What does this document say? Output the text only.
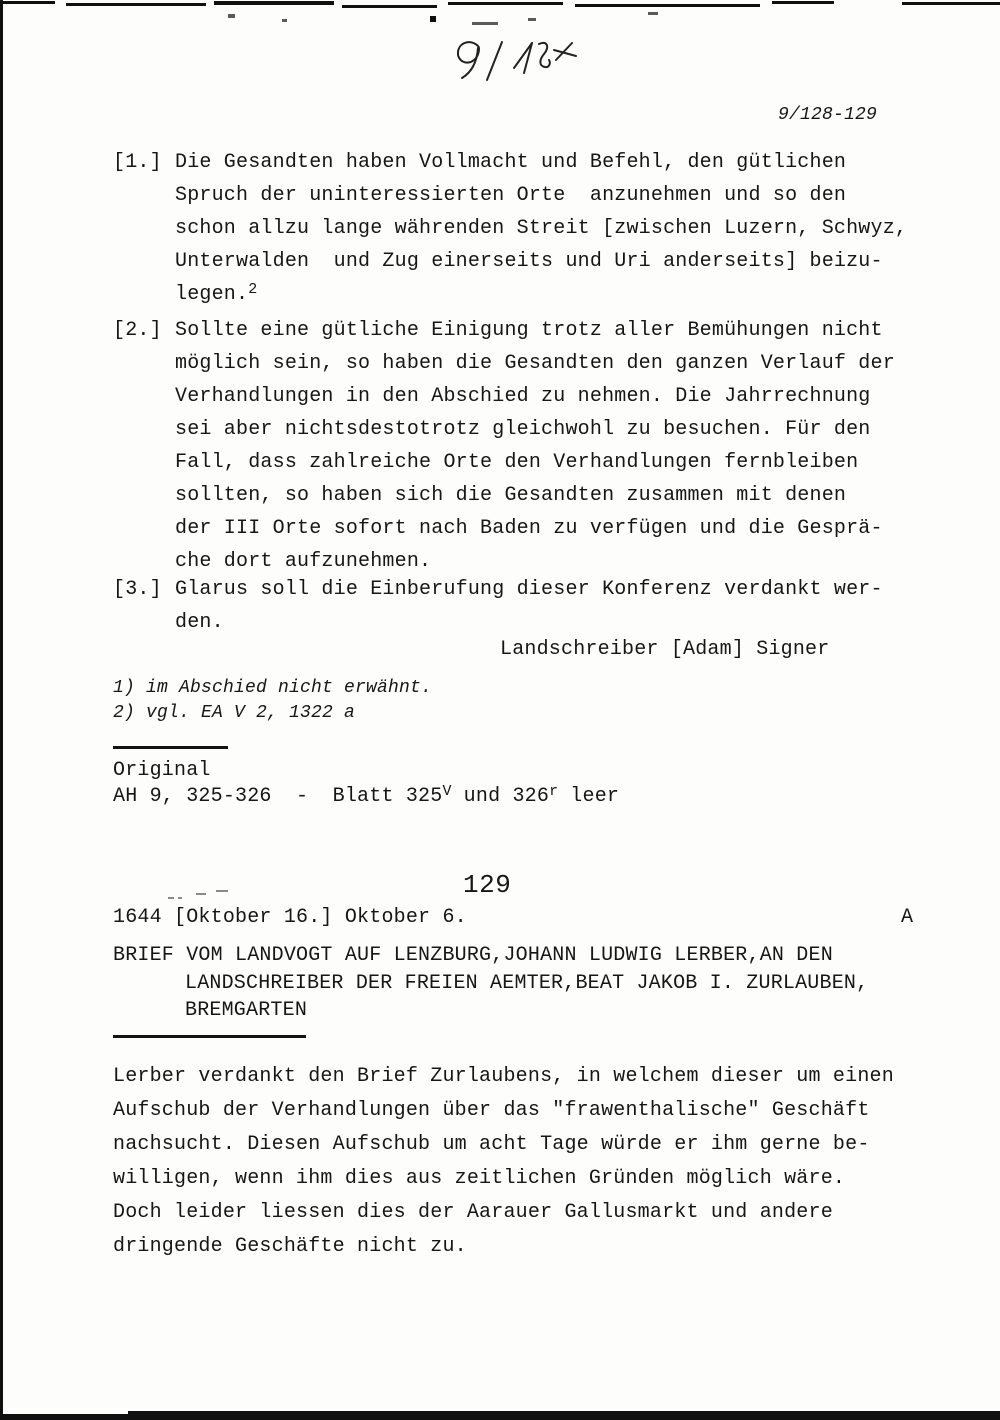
9/128-129
[1.] Die Gesandten haben Vollmacht und Befehl, den gütlichen
Spruch der uninteressierten Orte  anzunehmen und so den
schon allzu lange währenden Streit [zwischen Luzern, Schwyz,
Unterwalden  und Zug einerseits und Uri anderseits] beizu-
legen.$^2$
[2.] Sollte eine gütliche Einigung trotz aller Bemühungen nicht
möglich sein, so haben die Gesandten den ganzen Verlauf der
Verhandlungen in den Abschied zu nehmen. Die Jahrrechnung
sei aber nichtsdestotrotz gleichwohl zu besuchen. Für den
Fall, dass zahlreiche Orte den Verhandlungen fernbleiben
sollten, so haben sich die Gesandten zusammen mit denen
der III Orte sofort nach Baden zu verfügen und die Gesprä-
che dort aufzunehmen.
[3.] Glarus soll die Einberufung dieser Konferenz verdankt wer-
den.
Landschreiber [Adam] Signer
1) im Abschied nicht erwähnt.
2) vgl. EA V 2, 1322 a
Original
AH 9, 325-326  -  Blatt 325$^V$ und 326$^r$ leer
129
1644 [Oktober 16.] Oktober 6.	A
BRIEF VOM LANDVOGT AUF LENZBURG,JOHANN LUDWIG LERBER,AN DEN
LANDSCHREIBER DER FREIEN AEMTER,BEAT JAKOB I. ZURLAUBEN,
BREMGARTEN
Lerber verdankt den Brief Zurlaubens, in welchem dieser um einen
Aufschub der Verhandlungen über das "frawenthalische" Geschäft
nachsucht. Diesen Aufschub um acht Tage würde er ihm gerne be-
willigen, wenn ihm dies aus zeitlichen Gründen möglich wäre.
Doch leider liessen dies der Aarauer Gallusmarkt und andere
dringende Geschäfte nicht zu.
